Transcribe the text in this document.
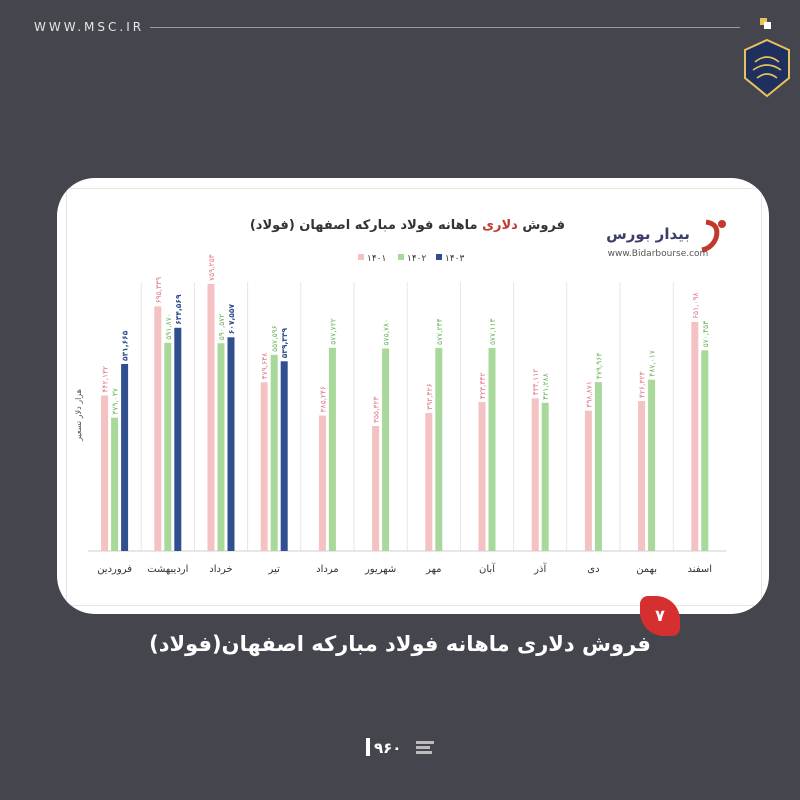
WWW.MSC.IR
فروش دلاری ماهانه فولاد مبارکه اصفهان (فولاد)	بیدار بورس
www.Bidarbourse.com
۴۴۲,۱۳۲
۳۷۹,۰۳۷
۵۳۱,۶۶۵
فروردین
۶۹۵,۳۳۹
۵۹۱,۸۷۰
۶۳۴,۵۶۹
اردیبهشت
۷۵۹,۲۵۳
۵۹۰,۵۷۲ ۶۰۷,۵۵۷
خرداد
۴۷۹,۶۴۸
۵۵۷,۵۹۶ ۵۳۹,۳۳۹
تیر
۳۸۵,۲۴۶
۵۷۷,۷۲۲
مرداد
۳۵۵,۳۲۳
۵۷۵,۷۸۰
شهریور
۳۹۲,۴۲۶
۵۷۷,۲۴۴
مهر
۴۲۳,۳۴۲
۵۷۷,۱۱۳
آبان
۴۳۴,۱۱۲ ۴۲۱,۲۸۸
آذر
۳۹۸,۸۷۱
۴۷۹,۹۶۳
دی
۴۲۶,۳۲۳
۴۸۷,۰۱۷
بهمن
۶۵۱,۰۹۸
۵۷۰,۴۵۳
اسفند
۱۴۰۱ ۱۴۰۲ ۱۴۰۳
هزار دلار تسعیر
۷
فروش دلاری ماهانه فولاد مبارکه اصفهان(فولاد)
۹۶۰
